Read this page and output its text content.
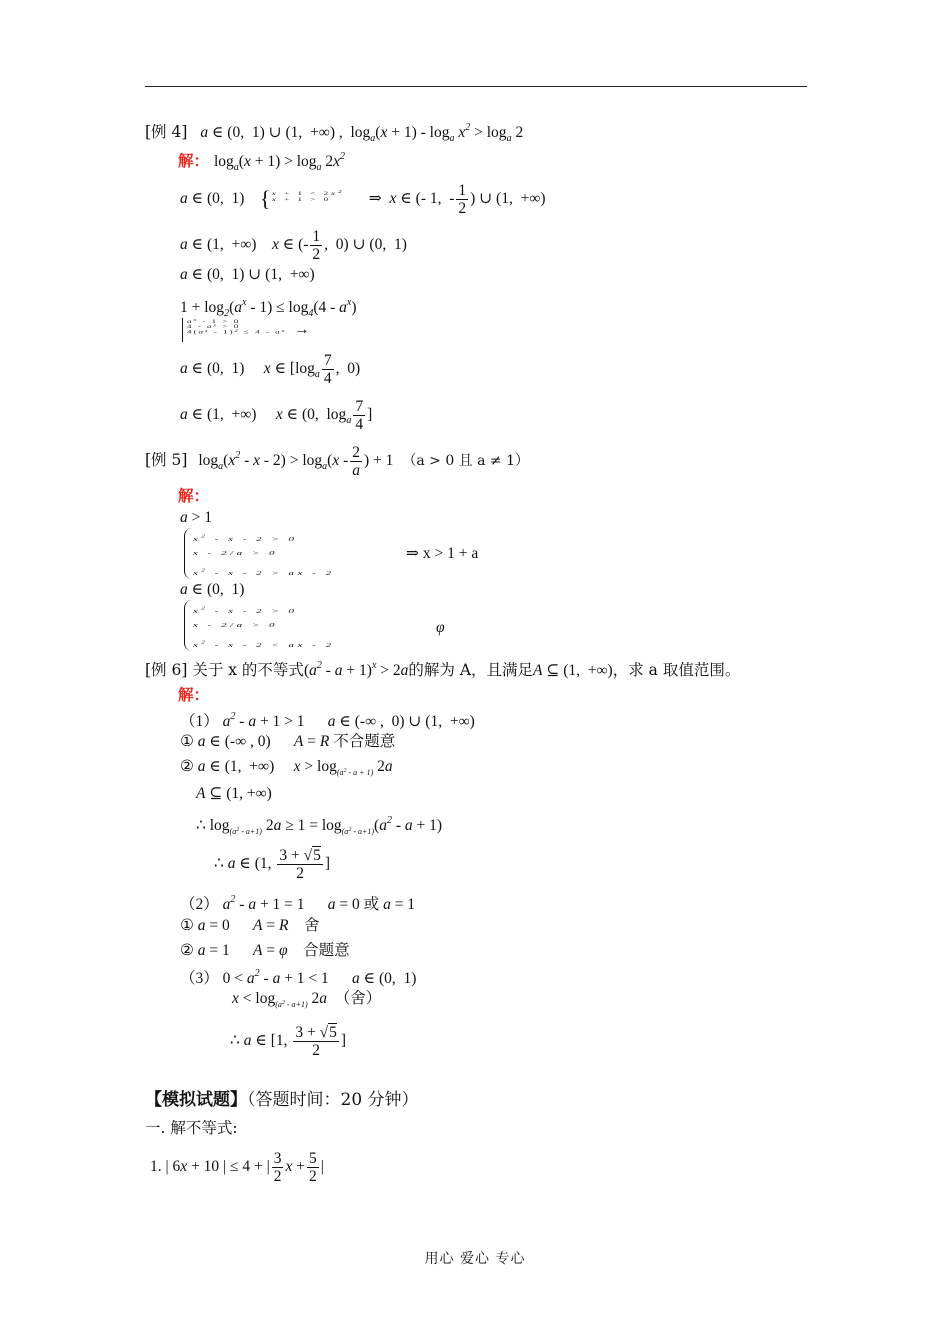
[例 4] a ∈ (0,  1) ∪ (1,  +∞) ,  $\log_a(x + 1) - \log_a x^2 > \log_a 2$
解： $\log_a(x + 1) > \log_a 2x^2$
a ∈ (0,  1) { $x + 1 < 2x^2$
x + 1 > 0	⇒  x ∈ (- 1,  - $\frac{1}{2}$ ) ∪ (1,  +∞)
a ∈ (1,  +∞)    x ∈ (- $\frac{1}{2}$ ,  0) ∪ (0,  1)
a ∈ (0,  1) ∪ (1,  +∞)
$1 + \log_2(a^x - 1) \le \log_4(4 - a^x)$
$a^x - 1 > 0$
$4 - a^x > 0$
$4(a^x - 1)^2 \le 4 - a^x$ →
a ∈ (0,  1)     x ∈ [$\log_a \frac{7}{4}$ ,  0)
a ∈ (1,  +∞)     x ∈ (0,  $\log_a \frac{7}{4}$ ]
[例 5] $\log_a(x^2 - x - 2) > \log_a(x - \frac{2}{a}$ ) + 1 （a > 0 且 a ≠ 1）
解：
a > 1
$x^2 - x - 2 > 0$
x - 2/a > 0
$x^2$ - x - 2 > ax - 2
⇒ x > 1 + a
a ∈ (0,  1)
$x^2 - x - 2 > 0$
x - 2/a > 0
$x^2$ - x - 2 < ax - 2
φ
[例 6] 关于 x 的不等式$(a^2 - a + 1)^x > 2a$的解为 A，且满足A ⊆ (1,  +∞)，求 a 取值范围。
解：
（1） $a^2 - a + 1 > 1$      a ∈ (-∞ ,  0) ∪ (1,  +∞)
① a ∈ (-∞ , 0)      A = R 不合题意
② a ∈ (1,  +∞)     $x > \log_{(a^2 - a + 1)} 2a$
A ⊆ (1, +∞)
∴ $\log_{(a^2 - a+1)} 2a \ge 1 = \log_{(a^2 - a+1)}(a^2 - a + 1)$
∴ a ∈ (1, $\frac{3 + √5}{2}$ ]
（2） $a^2 - a + 1 = 1$      a = 0 或 a = 1
① a = 0      A = R 舍
② a = 1      A = φ 合题意
（3） $0 < a^2 - a + 1 < 1$      a ∈ (0,  1)
$x < \log_{(a^2 - a+1)} 2a$ （舍）
∴ a ∈ [1, $\frac{3 + √5}{2}$ ]
【模拟试题】（答题时间：20 分钟）
一. 解不等式:
1. | 6x + 10 | ≤ 4 + | $\frac{3}{2}$ $x + \frac{5}{2}$ |
用心 爱心 专心
